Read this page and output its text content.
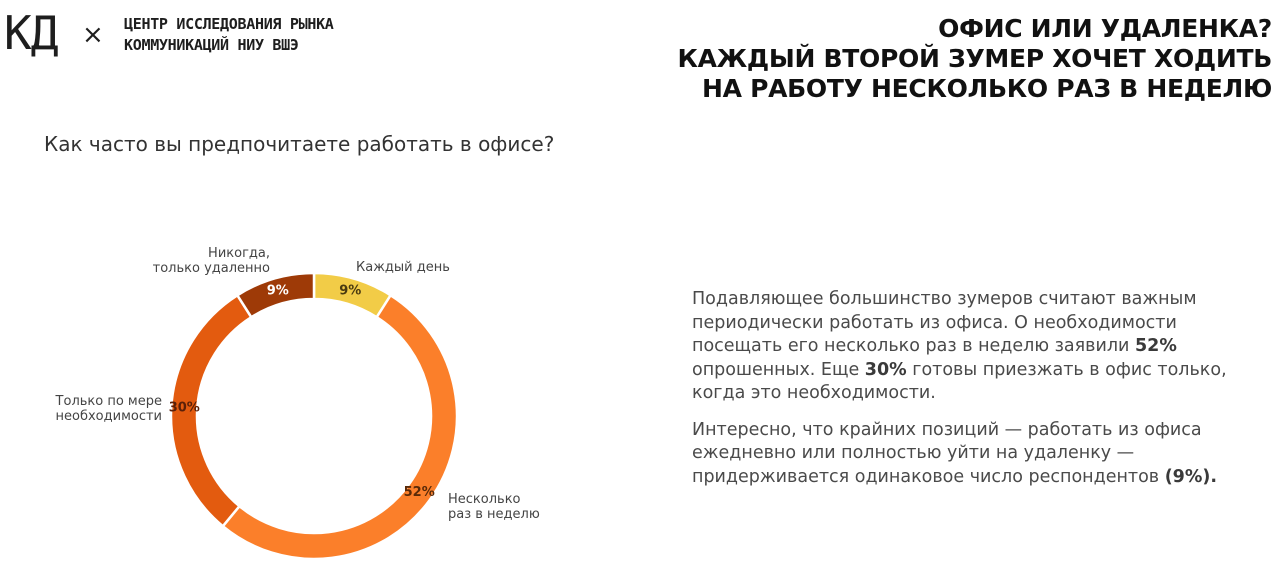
КД × ЦЕНТР ИССЛЕДОВАНИЯ РЫНКА
КОММУНИКАЦИЙ НИУ ВШЭ
ОФИС ИЛИ УДАЛЕНКА?
КАЖДЫЙ ВТОРОЙ ЗУМЕР ХОЧЕТ ХОДИТЬ
НА РАБОТУ НЕСКОЛЬКО РАЗ В НЕДЕЛЮ
Как часто вы предпочитаете работать в офисе?
9%
52%
30%
9%
Каждый день
Несколько
раз в неделю
Только по мере
необходимости
Никогда,
только удаленно

Подавляющее большинство зумеров считают важным периодически работать из офиса. О необходимости посещать его несколько раз в неделю заявили 52% опрошенных. Еще 30% готовы приезжать в офис только, когда это необходимости.

Интересно, что крайних позиций — работать из офиса ежедневно или полностью уйти на удаленку — придерживается одинаковое число респондентов (9%).
